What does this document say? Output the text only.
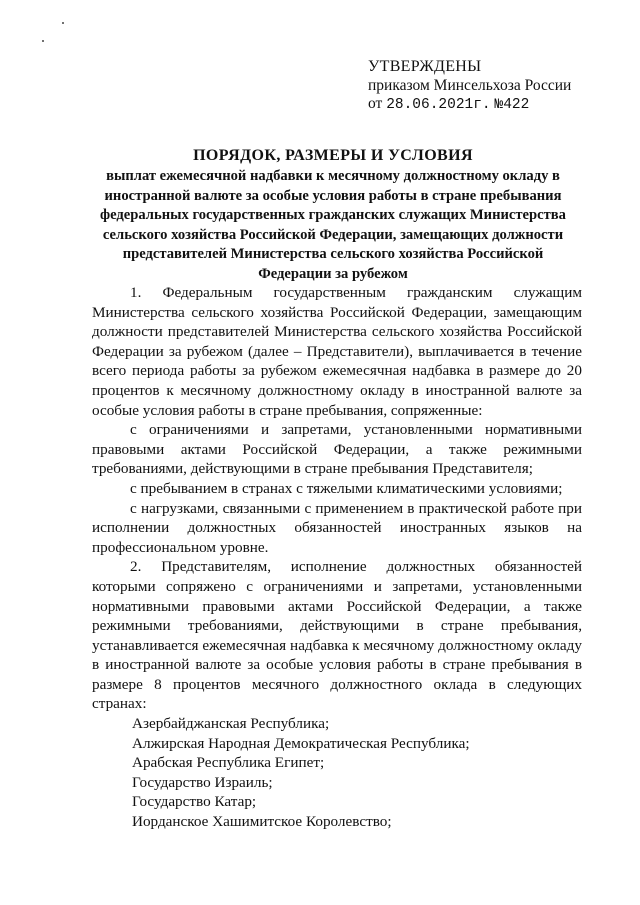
УТВЕРЖДЕНЫ
приказом Минсельхоза России
от 28.06.2021г. №422
ПОРЯДОК, РАЗМЕРЫ И УСЛОВИЯ
выплат ежемесячной надбавки к месячному должностному окладу в иностранной валюте за особые условия работы в стране пребывания федеральных государственных гражданских служащих Министерства сельского хозяйства Российской Федерации, замещающих должности представителей Министерства сельского хозяйства Российской Федерации за рубежом

1. Федеральным государственным гражданским служащим Министерства сельского хозяйства Российской Федерации, замещающим должности представителей Министерства сельского хозяйства Российской Федерации за рубежом (далее – Представители), выплачивается в течение всего периода работы за рубежом ежемесячная надбавка в размере до 20 процентов к месячному должностному окладу в иностранной валюте за особые условия работы в стране пребывания, сопряженные:

с ограничениями и запретами, установленными нормативными правовыми актами Российской Федерации, а также режимными требованиями, действующими в стране пребывания Представителя;

с пребыванием в странах с тяжелыми климатическими условиями;

с нагрузками, связанными с применением в практической работе при исполнении должностных обязанностей иностранных языков на профессиональном уровне.

2. Представителям, исполнение должностных обязанностей которыми сопряжено с ограничениями и запретами, установленными нормативными правовыми актами Российской Федерации, а также режимными требованиями, действующими в стране пребывания, устанавливается ежемесячная надбавка к месячному должностному окладу в иностранной валюте за особые условия работы в стране пребывания в размере 8 процентов месячного должностного оклада в следующих странах:

Азербайджанская Республика;

Алжирская Народная Демократическая Республика;

Арабская Республика Египет;

Государство Израиль;

Государство Катар;

Иорданское Хашимитское Королевство;
